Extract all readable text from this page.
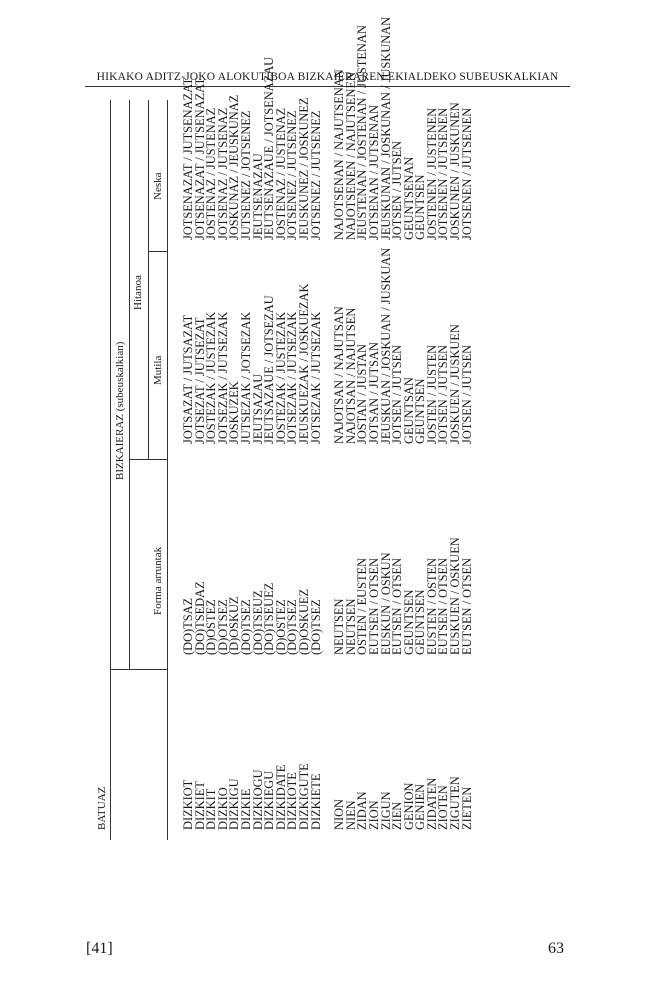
HIKAKO ADITZ-JOKO ALOKUTIBOA BIZKAIERAREN EKIALDEKO SUBEUSKALKIAN
BATUAZ
BIZKAIERAZ (subeuskalkian)
Forma arruntak
Hitanoa
Mutila
Neska
DIZKIOT
DIZKIET
DIZKIT
DIZKIO
DIZKIGU
DIZKIE
DIZKIOGU
DIZKIEGU
DIZKIDATE
DIZKIOTE
DIZKIGUTE
DIZKIETE NION
NIEN
ZIDAN
ZION
ZIGUN
ZIEN
GENION
GENIEN
ZIDATEN
ZIOTEN
ZIGUTEN
ZIETEN
(DO)TSAZ
(DO)TSEDAZ
(D)OSTEZ
(D)OTSEZ
(D)OSKUZ
(DO)TSEZ
(DO)TSEUZ
(DO)TSEUEZ
(D)OSTEZ
(DO)TSEZ
(D)OSKUEZ
(DO)TSEZ NEUTSEN
NEUTSEN
OSTEN / EUSTEN
EUTSEN / OTSEN
EUSKUN / OSKUN
EUTSEN / OTSEN
GEUNTSEN
GEUNTSEN
EUSTEN / OSTEN
EUTSEN / OTSEN
EUSKUEN / OSKUEN
EUTSEN / OTSEN
JOTSAZAT / JUTSAZAT
JOTSEZAT / JUTSEZAT
JOSTEZAK / JUSTEZAK
JOTSEZAK / JUTSEZAK
JOSKUZEK
JUTSEZAK / JOTSEZAK
JEUTSAZAU
JEUTSAZAUE / JOTSEZAU
JOSTEZAK / JUSTEZAK
JOTSEZAK / JUTSEZAK
JEUSKUEZAK / JOSKUEZAK
JOTSEZAK / JUTSEZAK NAJOTSAN / NAJUTSAN
NAJOTSAN / NAJUTSEN
JOSTAN / JUSTAN
JOTSAN / JUTSAN
JEUSKUAN / JOSKUAN / JUSKUAN
JOTSEN / JUTSEN
GEUNTSAN
GEUNTSEN
JOSTEN / JUSTEN
JOTSEN / JUTSEN
JOSKUEN / JUSKUEN
JOTSEN / JUTSEN
JOTSENAZAT / JUTSENAZAT
JOTSENAZAT / JUTSENAZAT
JOSTENAZ / JUSTENAZ
JOTSENAZ / JUTSENAZ
JOSKUNAZ / JEUSKUNAZ
JUTSENEZ / JOTSENEZ
JEUTSENAZAU
JEUTSENAZAUE / JOTSENAZAU
JOSTENAZ / JUSTENAZ
JOTSENEZ / JUTSENEZ
JEUSKUNEZ / JOSKUNEZ
JOTSENEZ / JUTSENEZ NAJOTSENAN / NAJUTSENAN
NAJOTSENEN / NAJUTSENEN
JEUSTENAN / JOSTENAN / JUSTENAN
JOTSENAN / JUTSENAN
JEUSKUNAN / JOSKUNAN / JUSKUNAN
JOTSEN / JUTSEN
GEUNTSENAN
GEUNTSEN
JOSTENEN / JUSTENEN
JOTSENEN / JUTSENEN
JOSKUNEN / JUSKUNEN
JOTSENEN / JUTSENEN
[41]	63
